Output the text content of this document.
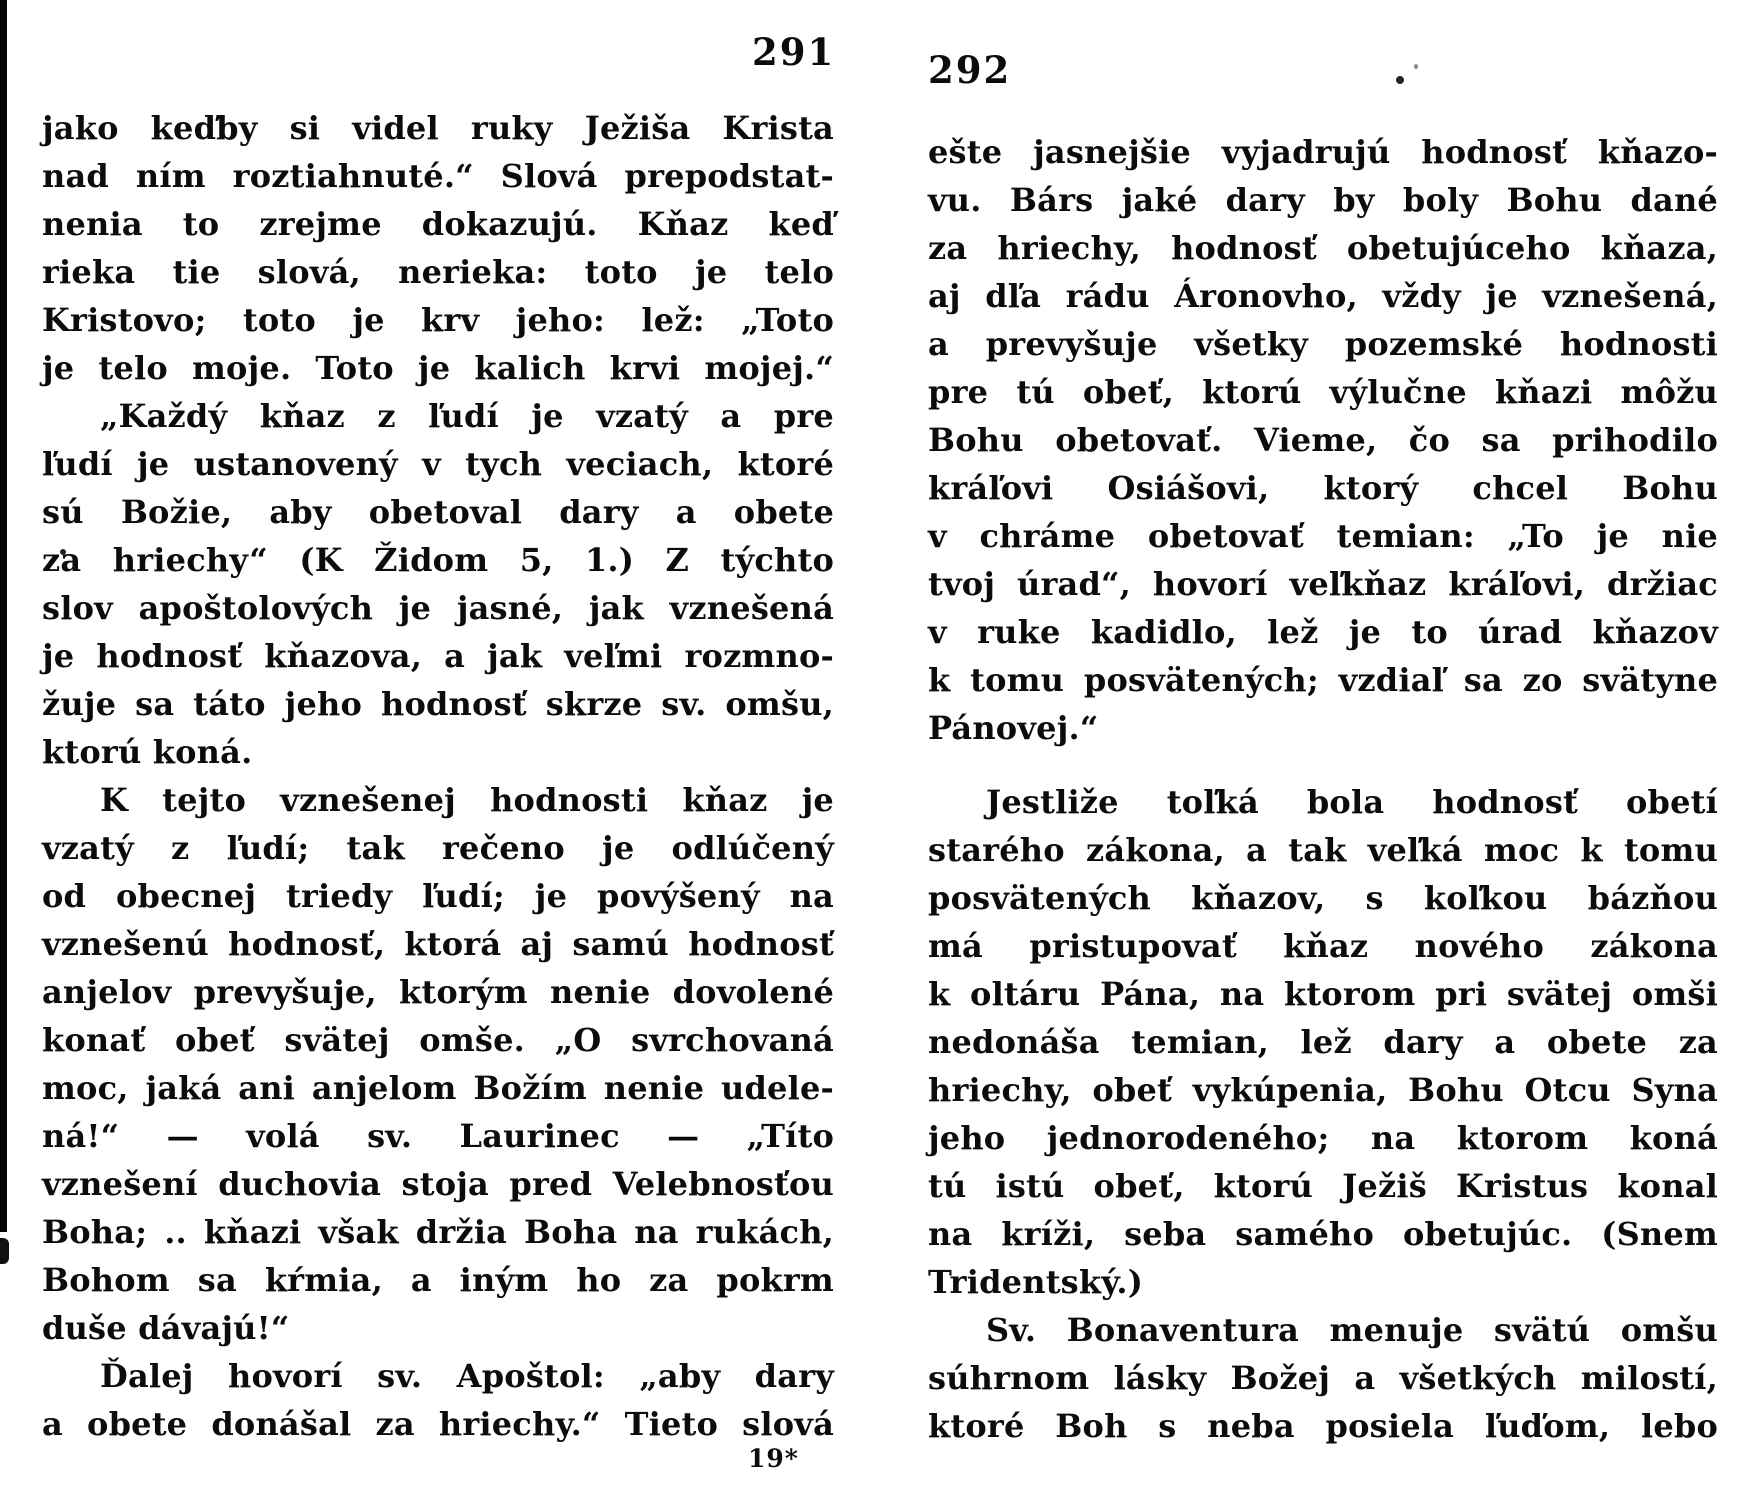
291	292
jako keďby si videl ruky Ježiša Krista
nad ním roztiahnuté.“ Slová prepodstat-
nenia to zrejme dokazujú. Kňaz keď
rieka tie slová, nerieka: toto je telo
Kristovo; toto je krv jeho: lež: „Toto
je telo moje. Toto je kalich krvi mojej.“
„Každý kňaz z ľudí je vzatý a pre
ľudí je ustanovený v tych veciach, ktoré
sú Božie, aby obetoval dary a obete
za hriechy“ (K Židom 5, 1.) Z týchto
slov apoštolových je jasné, jak vznešená
je hodnosť kňazova, a jak veľmi rozmno-
žuje sa táto jeho hodnosť skrze sv. omšu,
ktorú koná.
K tejto vznešenej hodnosti kňaz je
vzatý z ľudí; tak rečeno je odlúčený
od obecnej triedy ľudí; je povýšený na
vznešenú hodnosť, ktorá aj samú hodnosť
anjelov prevyšuje, ktorým nenie dovolené
konať obeť svätej omše. „O svrchovaná
moc, jaká ani anjelom Božím nenie udele-
ná!“ — volá sv. Laurinec — „Títo
vznešení duchovia stoja pred Velebnosťou
Boha; .. kňazi však držia Boha na rukách,
Bohom sa kŕmia, a iným ho za pokrm
duše dávajú!“
Ďalej hovorí sv. Apoštol: „aby dary
a obete donášal za hriechy.“ Tieto slová
ešte jasnejšie vyjadrujú hodnosť kňazo-
vu. Bárs jaké dary by boly Bohu dané
za hriechy, hodnosť obetujúceho kňaza,
aj dľa rádu Áronovho, vždy je vznešená,
a prevyšuje všetky pozemské hodnosti
pre tú obeť, ktorú výlučne kňazi môžu
Bohu obetovať. Vieme, čo sa prihodilo
kráľovi Osiášovi, ktorý chcel Bohu
v chráme obetovať temian: „To je nie
tvoj úrad“, hovorí veľkňaz kráľovi, držiac
v ruke kadidlo, lež je to úrad kňazov
k tomu posvätených; vzdiaľ sa zo svätyne
Pánovej.“
Jestliže toľká bola hodnosť obetí
starého zákona, a tak veľká moc k tomu
posvätených kňazov, s koľkou bázňou
má pristupovať kňaz nového zákona
k oltáru Pána, na ktorom pri svätej omši
nedonáša temian, lež dary a obete za
hriechy, obeť vykúpenia, Bohu Otcu Syna
jeho jednorodeného; na ktorom koná
tú istú obeť, ktorú Ježiš Kristus konal
na kríži, seba samého obetujúc. (Snem
Tridentský.)
Sv. Bonaventura menuje svätú omšu
súhrnom lásky Božej a všetkých milostí,
ktoré Boh s neba posiela ľuďom, lebo
19*
